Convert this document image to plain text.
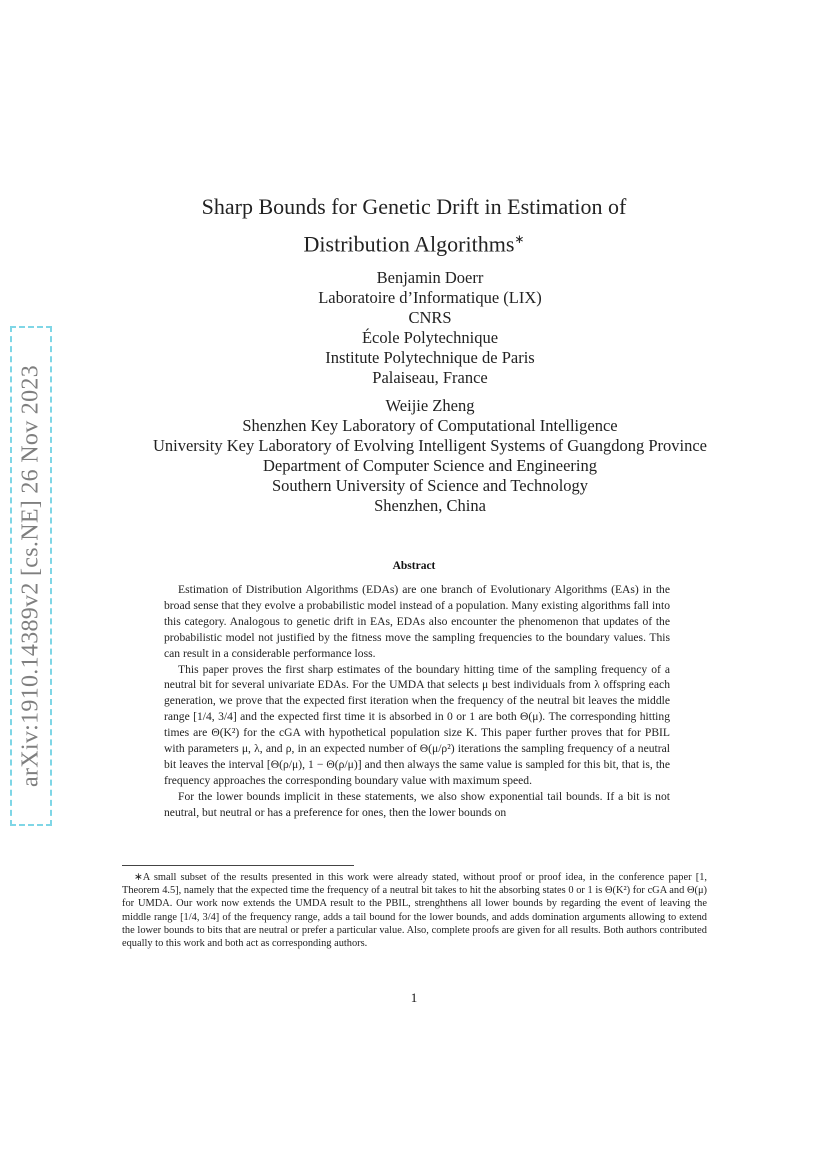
arXiv:1910.14389v2 [cs.NE] 26 Nov 2023
Sharp Bounds for Genetic Drift in Estimation of
Distribution Algorithms∗
Benjamin Doerr
Laboratoire d’Informatique (LIX)
CNRS
École Polytechnique
Institute Polytechnique de Paris
Palaiseau, France
Weijie Zheng
Shenzhen Key Laboratory of Computational Intelligence
University Key Laboratory of Evolving Intelligent Systems of Guangdong Province
Department of Computer Science and Engineering
Southern University of Science and Technology
Shenzhen, China
Abstract

Estimation of Distribution Algorithms (EDAs) are one branch of Evolutionary Algorithms (EAs) in the broad sense that they evolve a probabilistic model instead of a population. Many existing algorithms fall into this category. Analogous to genetic drift in EAs, EDAs also encounter the phenomenon that updates of the probabilistic model not justified by the fitness move the sampling frequencies to the boundary values. This can result in a considerable performance loss.

This paper proves the first sharp estimates of the boundary hitting time of the sampling frequency of a neutral bit for several univariate EDAs. For the UMDA that selects μ best individuals from λ offspring each generation, we prove that the expected first iteration when the frequency of the neutral bit leaves the middle range [1/4, 3/4] and the expected first time it is absorbed in 0 or 1 are both Θ(μ). The corresponding hitting times are Θ(K²) for the cGA with hypothetical population size K. This paper further proves that for PBIL with parameters μ, λ, and ρ, in an expected number of Θ(μ/ρ²) iterations the sampling frequency of a neutral bit leaves the interval [Θ(ρ/μ), 1 − Θ(ρ/μ)] and then always the same value is sampled for this bit, that is, the frequency approaches the corresponding boundary value with maximum speed.

For the lower bounds implicit in these statements, we also show exponential tail bounds. If a bit is not neutral, but neutral or has a preference for ones, then the lower bounds on

∗A small subset of the results presented in this work were already stated, without proof or proof idea, in the conference paper [1, Theorem 4.5], namely that the expected time the frequency of a neutral bit takes to hit the absorbing states 0 or 1 is Θ(K²) for cGA and Θ(μ) for UMDA. Our work now extends the UMDA result to the PBIL, strenghthens all lower bounds by regarding the event of leaving the middle range [1/4, 3/4] of the frequency range, adds a tail bound for the lower bounds, and adds domination arguments allowing to extend the lower bounds to bits that are neutral or prefer a particular value. Also, complete proofs are given for all results. Both authors contributed equally to this work and both act as corresponding authors.
1
